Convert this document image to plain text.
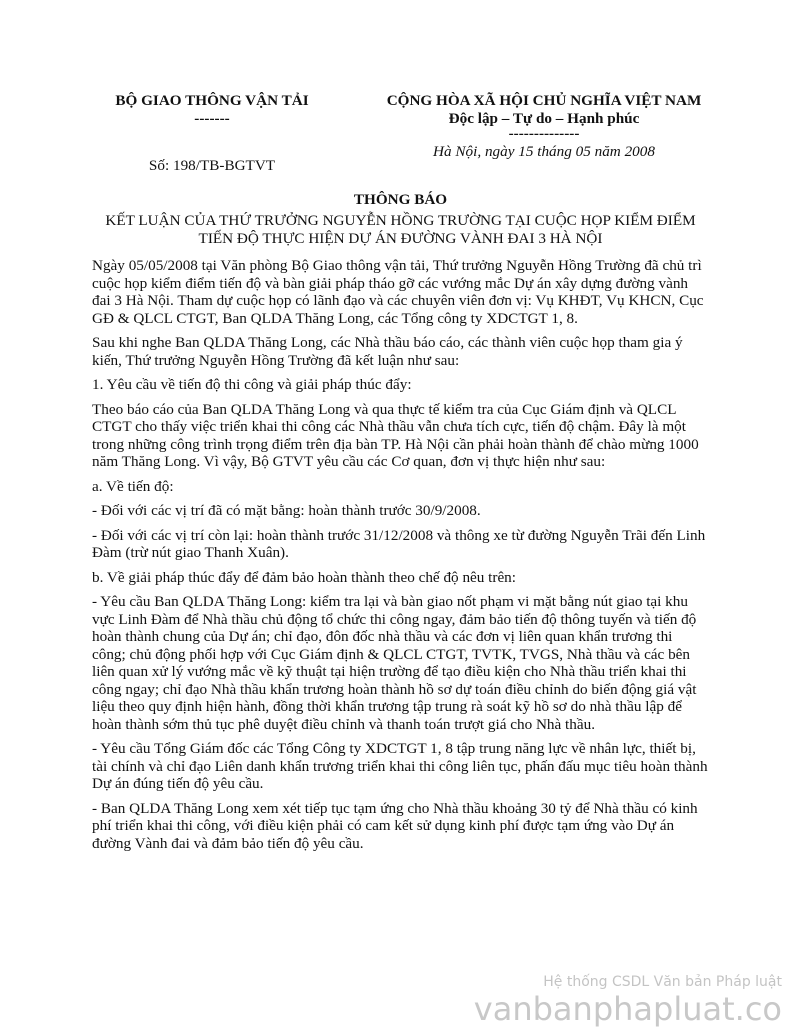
BỘ GIAO THÔNG VẬN TẢI
-------
Số: 198/TB-BGTVT
CỘNG HÒA XÃ HỘI CHỦ NGHĨA VIỆT NAM
Độc lập – Tự do – Hạnh phúc
--------------
Hà Nội, ngày 15 tháng 05 năm 2008
THÔNG BÁO
KẾT LUẬN CỦA THỨ TRƯỞNG NGUYỄN HỒNG TRƯỜNG TẠI CUỘC HỌP KIỂM ĐIỂM TIẾN ĐỘ THỰC HIỆN DỰ ÁN ĐƯỜNG VÀNH ĐAI 3 HÀ NỘI

Ngày 05/05/2008 tại Văn phòng Bộ Giao thông vận tải, Thứ trưởng Nguyễn Hồng Trường đã chủ trì cuộc họp kiểm điểm tiến độ và bàn giải pháp tháo gỡ các vướng mắc Dự án xây dựng đường vành đai 3 Hà Nội. Tham dự cuộc họp có lãnh đạo và các chuyên viên đơn vị: Vụ KHĐT, Vụ KHCN, Cục GĐ & QLCL CTGT, Ban QLDA Thăng Long, các Tổng công ty XDCTGT 1, 8.

Sau khi nghe Ban QLDA Thăng Long, các Nhà thầu báo cáo, các thành viên cuộc họp tham gia ý kiến, Thứ trưởng Nguyễn Hồng Trường đã kết luận như sau:

1. Yêu cầu về tiến độ thi công và giải pháp thúc đẩy:

Theo báo cáo của Ban QLDA Thăng Long và qua thực tế kiểm tra của Cục Giám định và QLCL CTGT cho thấy việc triển khai thi công các Nhà thầu vẫn chưa tích cực, tiến độ chậm. Đây là một trong những công trình trọng điểm trên địa bàn TP. Hà Nội cần phải hoàn thành để chào mừng 1000 năm Thăng Long. Vì vậy, Bộ GTVT yêu cầu các Cơ quan, đơn vị thực hiện như sau:

a. Về tiến độ:

- Đối với các vị trí đã có mặt bằng: hoàn thành trước 30/9/2008.

- Đối với các vị trí còn lại: hoàn thành trước 31/12/2008 và thông xe từ đường Nguyễn Trãi đến Linh Đàm (trừ nút giao Thanh Xuân).

b. Về giải pháp thúc đẩy để đảm bảo hoàn thành theo chế độ nêu trên:

- Yêu cầu Ban QLDA Thăng Long: kiểm tra lại và bàn giao nốt phạm vi mặt bằng nút giao tại khu vực Linh Đàm để Nhà thầu chủ động tổ chức thi công ngay, đảm bảo tiến độ thông tuyến và tiến độ hoàn thành chung của Dự án; chỉ đạo, đôn đốc nhà thầu và các đơn vị liên quan khẩn trương thi công; chủ động phối hợp với Cục Giám định & QLCL CTGT, TVTK, TVGS, Nhà thầu và các bên liên quan xử lý vướng mắc về kỹ thuật tại hiện trường để tạo điều kiện cho Nhà thầu triển khai thi công ngay; chỉ đạo Nhà thầu khẩn trương hoàn thành hồ sơ dự toán điều chỉnh do biến động giá vật liệu theo quy định hiện hành, đồng thời khẩn trương tập trung rà soát kỹ hồ sơ do nhà thầu lập để hoàn thành sớm thủ tục phê duyệt điều chỉnh và thanh toán trượt giá cho Nhà thầu.

- Yêu cầu Tổng Giám đốc các Tổng Công ty XDCTGT 1, 8 tập trung năng lực về nhân lực, thiết bị, tài chính và chỉ đạo Liên danh khẩn trương triển khai thi công liên tục, phấn đấu mục tiêu hoàn thành Dự án đúng tiến độ yêu cầu.

- Ban QLDA Thăng Long xem xét tiếp tục tạm ứng cho Nhà thầu khoảng 30 tỷ để Nhà thầu có kinh phí triển khai thi công, với điều kiện phải có cam kết sử dụng kinh phí được tạm ứng vào Dự án đường Vành đai và đảm bảo tiến độ yêu cầu.

Hệ thống CSDL Văn bản Pháp luật
vanbanphapluat.co
